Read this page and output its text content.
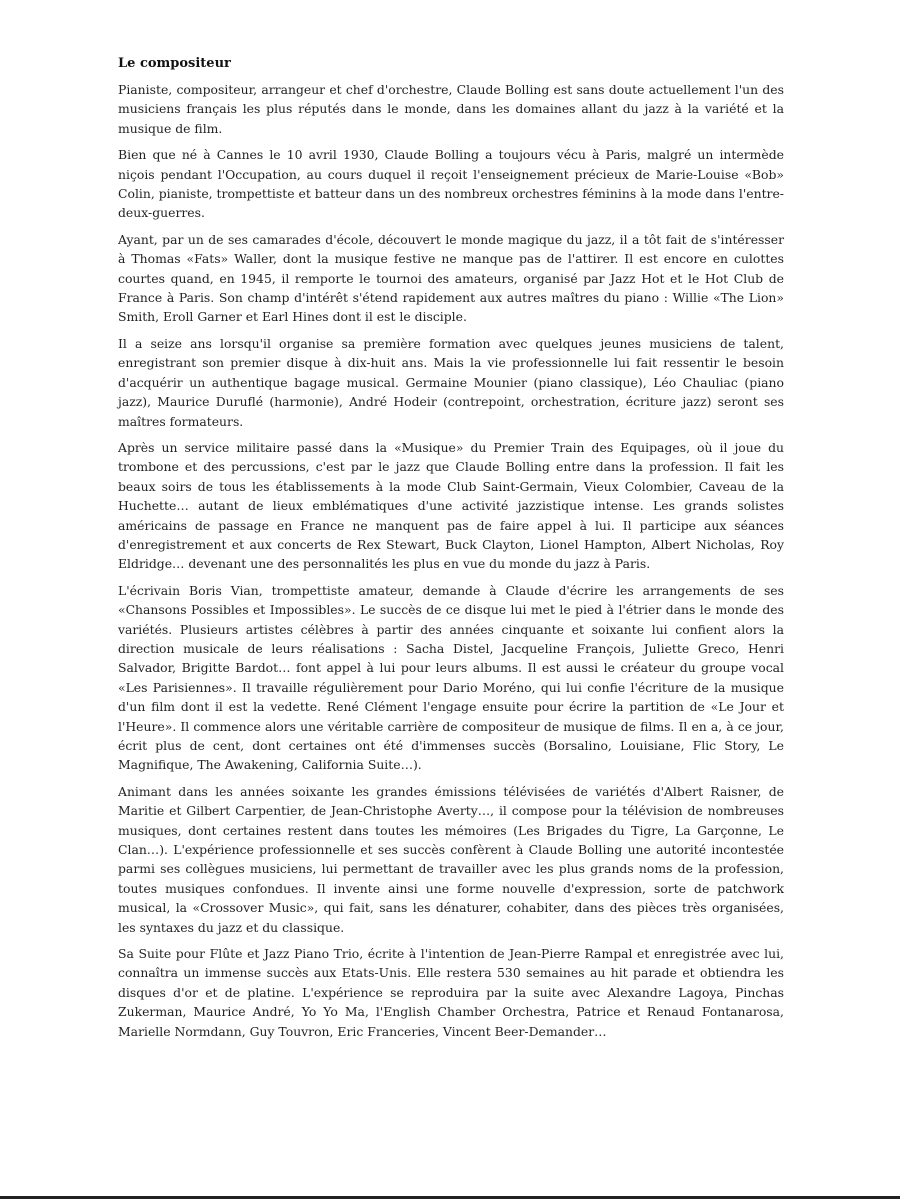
Le compositeur

Pianiste, compositeur, arrangeur et chef d'orchestre, Claude Bolling est sans doute actuellement l'un des musiciens français les plus réputés dans le monde, dans les domaines allant du jazz à la variété et la musique de film.

Bien que né à Cannes le 10 avril 1930, Claude Bolling a toujours vécu à Paris, malgré un intermède niçois pendant l'Occupation, au cours duquel il reçoit l'enseignement précieux de Marie-Louise «Bob» Colin, pianiste, trompettiste et batteur dans un des nombreux orchestres féminins à la mode dans l'entre-deux-guerres.

Ayant, par un de ses camarades d'école, découvert le monde magique du jazz, il a tôt fait de s'intéresser à Thomas «Fats» Waller, dont la musique festive ne manque pas de l'attirer. Il est encore en culottes courtes quand, en 1945, il remporte le tournoi des amateurs, organisé par Jazz Hot et le Hot Club de France à Paris. Son champ d'intérêt s'étend rapidement aux autres maîtres du piano : Willie «The Lion» Smith, Eroll Garner et Earl Hines dont il est le disciple.

Il a seize ans lorsqu'il organise sa première formation avec quelques jeunes musiciens de talent, enregistrant son premier disque à dix-huit ans. Mais la vie professionnelle lui fait ressentir le besoin d'acquérir un authentique bagage musical. Germaine Mounier (piano classique), Léo Chauliac (piano jazz), Maurice Duruflé (harmonie), André Hodeir (contrepoint, orchestration, écriture jazz) seront ses maîtres formateurs.

Après un service militaire passé dans la «Musique» du Premier Train des Equipages, où il joue du trombone et des percussions, c'est par le jazz que Claude Bolling entre dans la profession. Il fait les beaux soirs de tous les établissements à la mode Club Saint-Germain, Vieux Colombier, Caveau de la Huchette… autant de lieux emblématiques d'une activité jazzistique intense. Les grands solistes américains de passage en France ne manquent pas de faire appel à lui. Il participe aux séances d'enregistrement et aux concerts de Rex Stewart, Buck Clayton, Lionel Hampton, Albert Nicholas, Roy Eldridge… devenant une des personnalités les plus en vue du monde du jazz à Paris.

L'écrivain Boris Vian, trompettiste amateur, demande à Claude d'écrire les arrangements de ses «Chansons Possibles et Impossibles». Le succès de ce disque lui met le pied à l'étrier dans le monde des variétés. Plusieurs artistes célèbres à partir des années cinquante et soixante lui confient alors la direction musicale de leurs réalisations : Sacha Distel, Jacqueline François, Juliette Greco, Henri Salvador, Brigitte Bardot… font appel à lui pour leurs albums. Il est aussi le créateur du groupe vocal «Les Parisiennes». Il travaille régulièrement pour Dario Moréno, qui lui confie l'écriture de la musique d'un film dont il est la vedette. René Clément l'engage ensuite pour écrire la partition de «Le Jour et l'Heure». Il commence alors une véritable carrière de compositeur de musique de films. Il en a, à ce jour, écrit plus de cent, dont certaines ont été d'immenses succès (Borsalino, Louisiane, Flic Story, Le Magnifique, The Awakening, California Suite…).

Animant dans les années soixante les grandes émissions télévisées de variétés d'Albert Raisner, de Maritie et Gilbert Carpentier, de Jean-Christophe Averty…, il compose pour la télévision de nombreuses musiques, dont certaines restent dans toutes les mémoires (Les Brigades du Tigre, La Garçonne, Le Clan…). L'expérience professionnelle et ses succès confèrent à Claude Bolling une autorité incontestée parmi ses collègues musiciens, lui permettant de travailler avec les plus grands noms de la profession, toutes musiques confondues. Il invente ainsi une forme nouvelle d'expression, sorte de patchwork musical, la «Crossover Music», qui fait, sans les dénaturer, cohabiter, dans des pièces très organisées, les syntaxes du jazz et du classique.

Sa Suite pour Flûte et Jazz Piano Trio, écrite à l'intention de Jean-Pierre Rampal et enregistrée avec lui, connaîtra un immense succès aux Etats-Unis. Elle restera 530 semaines au hit parade et obtiendra les disques d'or et de platine. L'expérience se reproduira par la suite avec Alexandre Lagoya, Pinchas Zukerman, Maurice André, Yo Yo Ma, l'English Chamber Orchestra, Patrice et Renaud Fontanarosa, Marielle Normdann, Guy Touvron, Eric Franceries, Vincent Beer-Demander…
